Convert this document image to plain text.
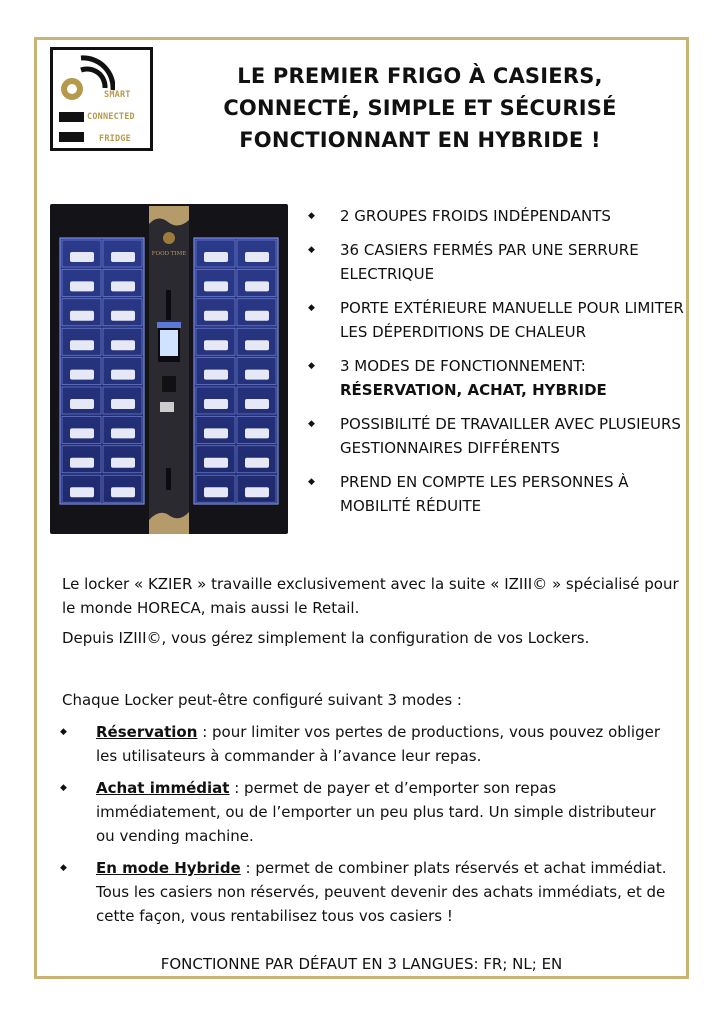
SMART
CONNECTED
FRIDGE
LE PREMIER FRIGO À CASIERS,
CONNECTÉ, SIMPLE ET SÉCURISÉ
FONCTIONNANT EN HYBRIDE !
FOOD TIME
◆ 2 GROUPES FROIDS INDÉPENDANTS
◆ 36 CASIERS FERMÉS PAR UNE SERRURE ELECTRIQUE
◆ PORTE EXTÉRIEURE MANUELLE POUR LIMITER LES DÉPERDITIONS DE CHALEUR
◆ 3 MODES DE FONCTIONNEMENT:
RÉSERVATION, ACHAT, HYBRIDE
◆ POSSIBILITÉ DE TRAVAILLER AVEC PLUSIEURS GESTIONNAIRES DIFFÉRENTS
◆ PREND EN COMPTE LES PERSONNES À MOBILITÉ RÉDUITE
Le locker « KZIER » travaille exclusivement avec la suite « IZIII© » spécialisé pour le monde HORECA, mais aussi le Retail.
Depuis IZIII©, vous gérez simplement la configuration de vos Lockers.
Chaque Locker peut-être configuré suivant 3 modes :
◆ Réservation : pour limiter vos pertes de productions, vous pouvez obliger les utilisateurs à commander à l’avance leur repas.
◆ Achat immédiat : permet de payer et d’emporter son repas immédiatement, ou de l’emporter un peu plus tard. Un simple distributeur ou vending machine.
◆ En mode Hybride : permet de combiner plats réservés et achat immédiat. Tous les casiers non réservés, peuvent devenir des achats immédiats, et de cette façon, vous rentabilisez tous vos casiers !
FONCTIONNE PAR DÉFAUT EN 3 LANGUES: FR; NL; EN
